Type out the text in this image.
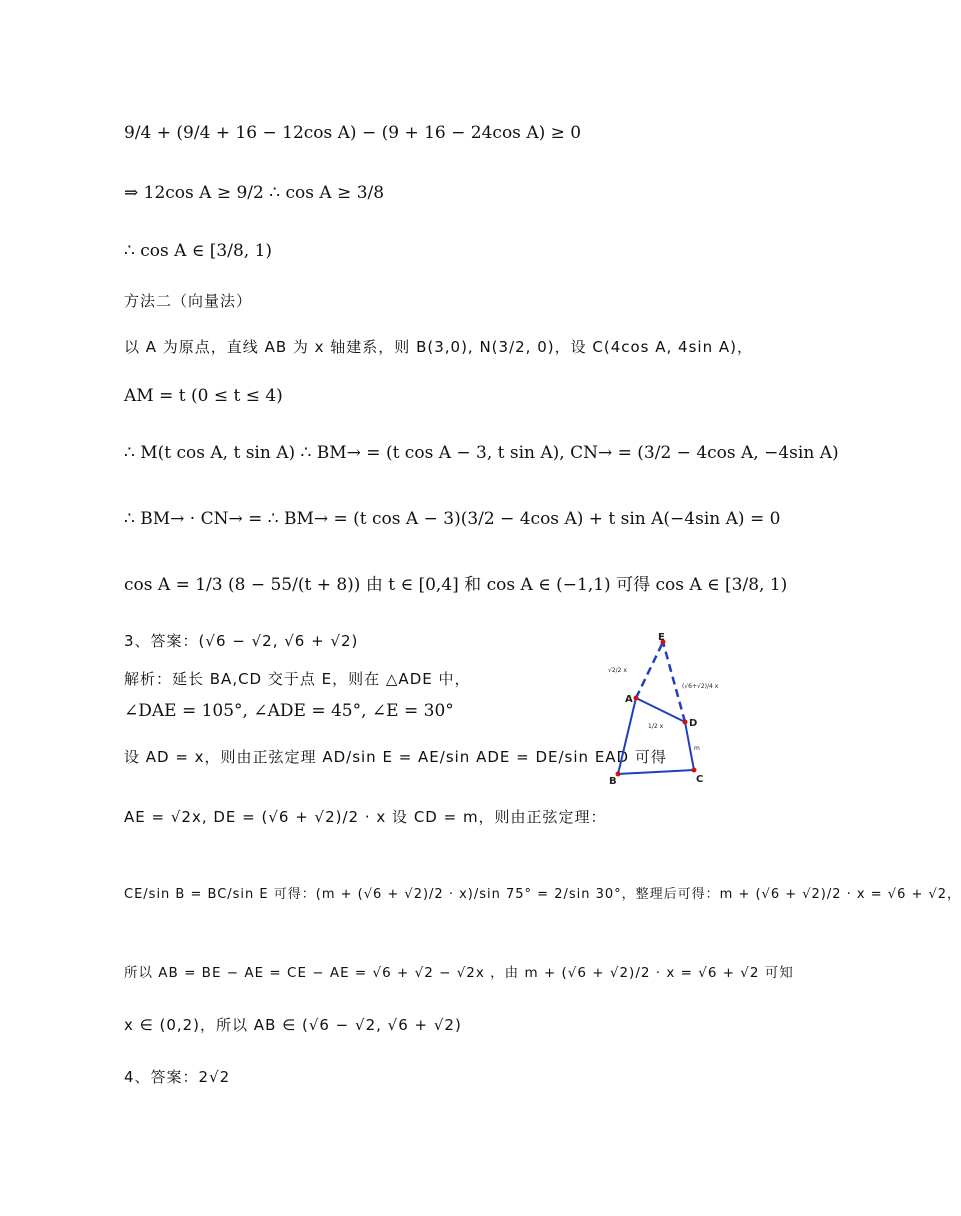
9/4 + (9/4 + 16 − 12cos A) − (9 + 16 − 24cos A) ≥ 0
⇒ 12cos A ≥ 9/2 ∴ cos A ≥ 3/8
∴ cos A ∈ [3/8, 1)
方法二（向量法）
以 A 为原点，直线 AB 为 x 轴建系，则 B(3,0), N(3/2, 0)，设 C(4cos A, 4sin A)，
AM = t (0 ≤ t ≤ 4)
∴ M(t cos A, t sin A) ∴ BM→ = (t cos A − 3, t sin A), CN→ = (3/2 − 4cos A, −4sin A)
∴ BM→ · CN→ = ∴ BM→ = (t cos A − 3)(3/2 − 4cos A) + t sin A(−4sin A) = 0
cos A = 1/3 (8 − 55/(t + 8)) 由 t ∈ [0,4] 和 cos A ∈ (−1,1) 可得 cos A ∈ [3/8, 1)
3、答案：(√6 − √2, √6 + √2)
解析：延长 BA,CD 交于点 E，则在 △ADE 中，
∠DAE = 105°, ∠ADE = 45°, ∠E = 30°
设 AD = x，则由正弦定理 AD/sin E = AE/sin ADE = DE/sin EAD 可得
AE = √2x, DE = (√6 + √2)/2 · x 设 CD = m，则由正弦定理：
CE/sin B = BC/sin E 可得：(m + (√6 + √2)/2 · x)/sin 75° = 2/sin 30°，整理后可得：m + (√6 + √2)/2 · x = √6 + √2，
所以 AB = BE − AE = CE − AE = √6 + √2 − √2x ，由 m + (√6 + √2)/2 · x = √6 + √2 可知
x ∈ (0,2)，所以 AB ∈ (√6 − √2, √6 + √2)
4、答案：2√2
E
A
D
B	C
√2/2 x
(√6+√2)/4 x
1/2 x
m
